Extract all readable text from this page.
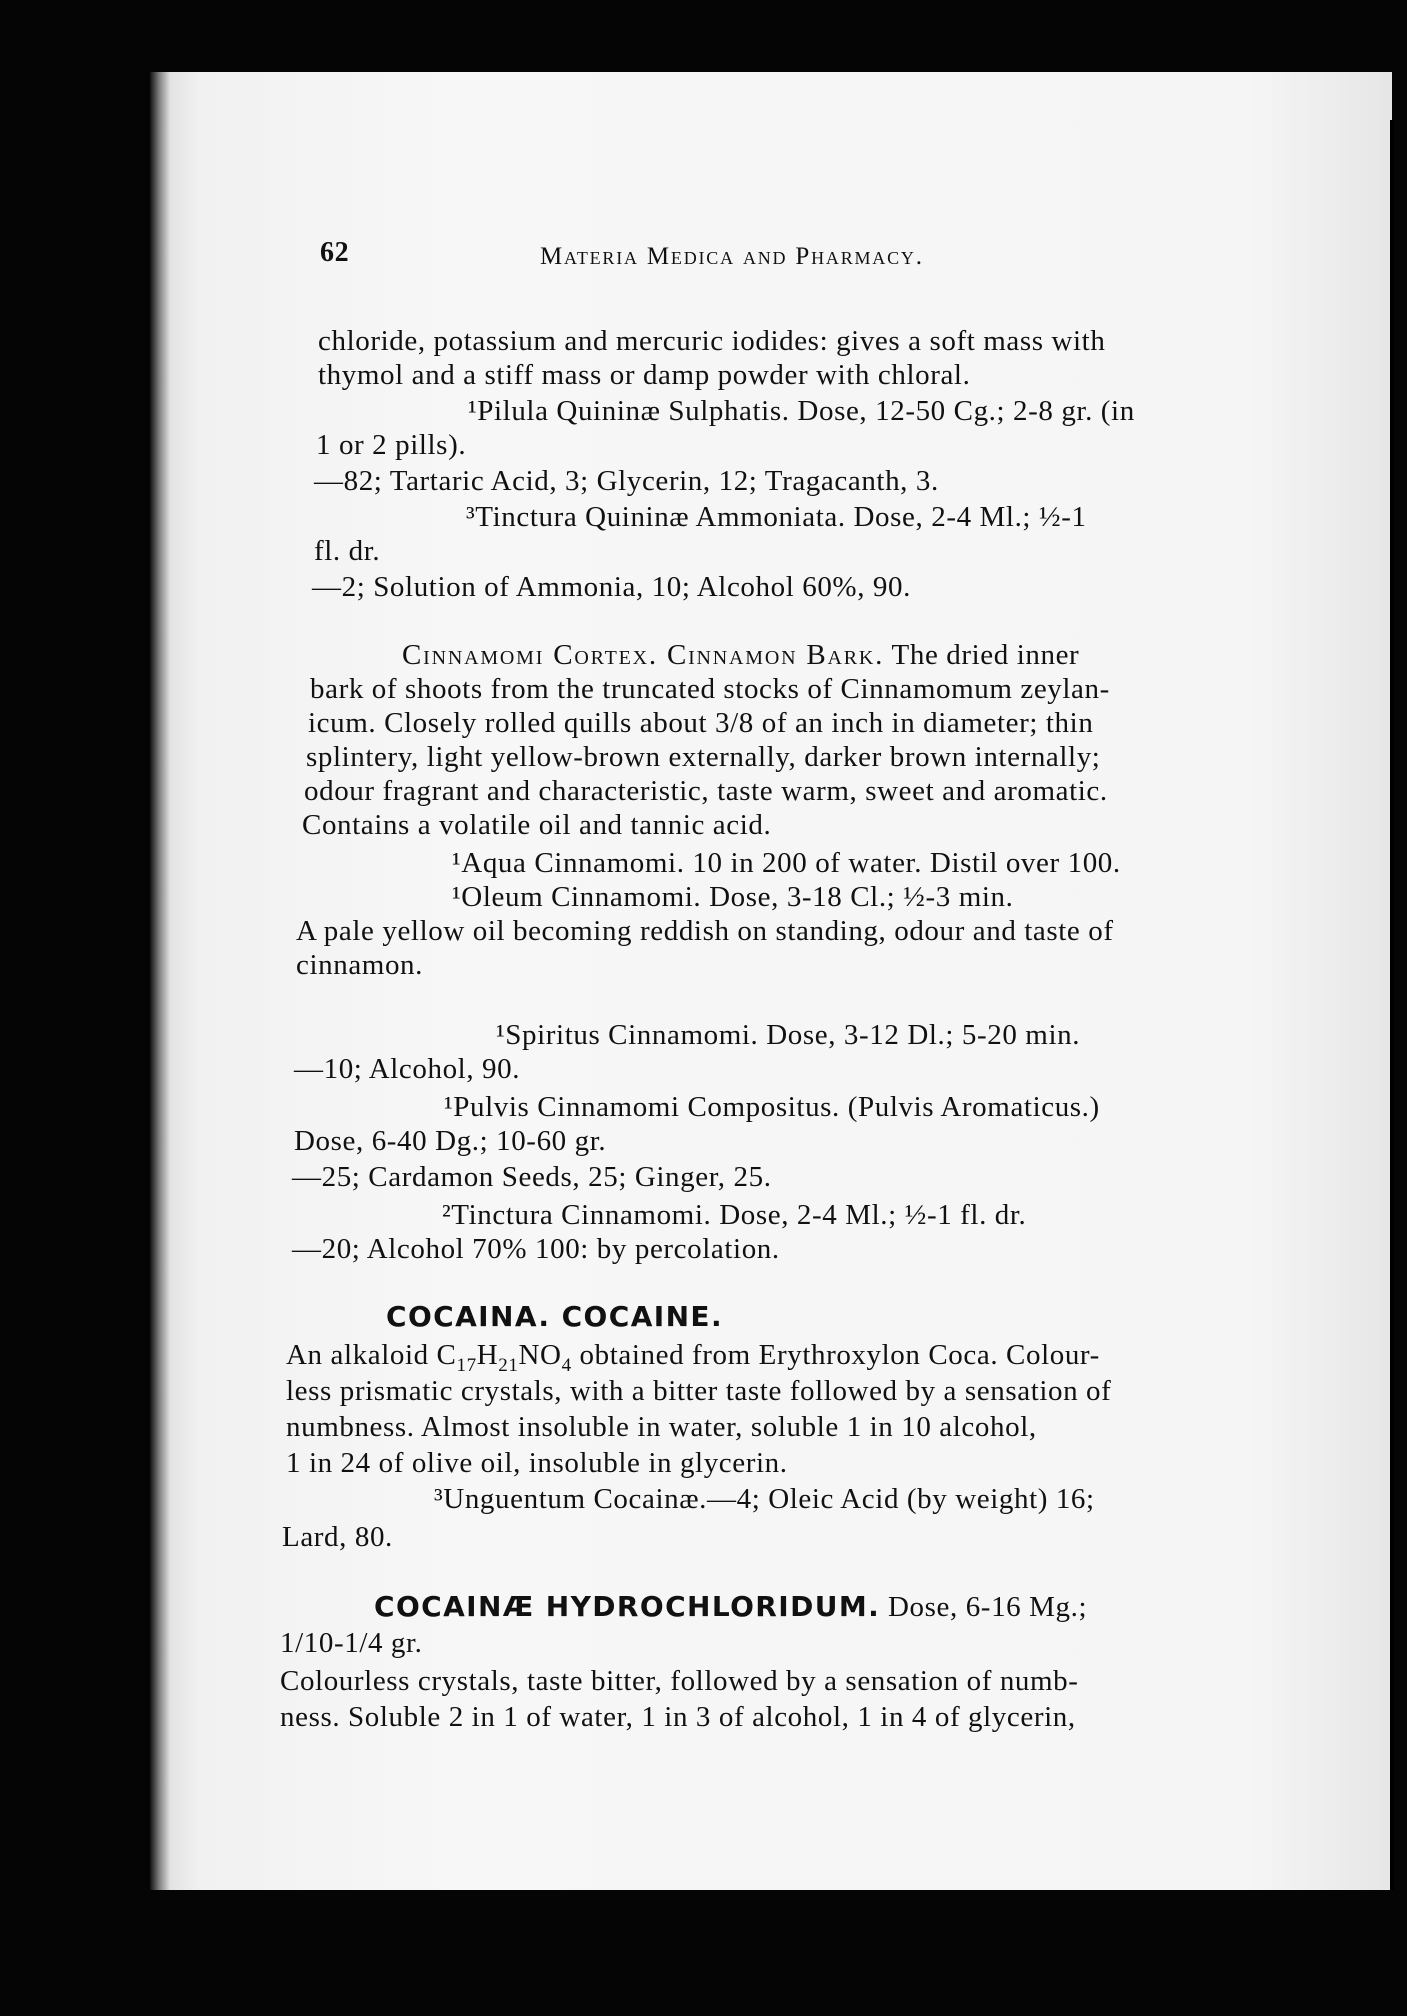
62	Materia Medica and Pharmacy.
chloride, potassium and mercuric iodides: gives a soft mass with
thymol and a stiff mass or damp powder with chloral.
¹Pilula Quininæ Sulphatis. Dose, 12-50 Cg.; 2-8 gr. (in
1 or 2 pills).
—82; Tartaric Acid, 3; Glycerin, 12; Tragacanth, 3.
³Tinctura Quininæ Ammoniata. Dose, 2-4 Ml.; ½-1
fl. dr.
—2; Solution of Ammonia, 10; Alcohol 60%, 90.
Cinnamomi Cortex. Cinnamon Bark. The dried inner
bark of shoots from the truncated stocks of Cinnamomum zeylan-
icum. Closely rolled quills about 3/8 of an inch in diameter; thin
splintery, light yellow-brown externally, darker brown internally;
odour fragrant and characteristic, taste warm, sweet and aromatic.
Contains a volatile oil and tannic acid.
¹Aqua Cinnamomi. 10 in 200 of water. Distil over 100.
¹Oleum Cinnamomi. Dose, 3-18 Cl.; ½-3 min.
A pale yellow oil becoming reddish on standing, odour and taste of
cinnamon.
¹Spiritus Cinnamomi. Dose, 3-12 Dl.; 5-20 min.
—10; Alcohol, 90.
¹Pulvis Cinnamomi Compositus. (Pulvis Aromaticus.)
Dose, 6-40 Dg.; 10-60 gr.
—25; Cardamon Seeds, 25; Ginger, 25.
²Tinctura Cinnamomi. Dose, 2-4 Ml.; ½-1 fl. dr.
—20; Alcohol 70% 100: by percolation.
COCAINA. COCAINE.
An alkaloid $C_{17}H_{21}NO_4$ obtained from Erythroxylon Coca. Colour-
less prismatic crystals, with a bitter taste followed by a sensation of
numbness. Almost insoluble in water, soluble 1 in 10 alcohol,
1 in 24 of olive oil, insoluble in glycerin.
³Unguentum Cocainæ.—4; Oleic Acid (by weight) 16;
Lard, 80.
COCAINÆ HYDROCHLORIDUM. Dose, 6-16 Mg.;
1/10-1/4 gr.
Colourless crystals, taste bitter, followed by a sensation of numb-
ness. Soluble 2 in 1 of water, 1 in 3 of alcohol, 1 in 4 of glycerin,
